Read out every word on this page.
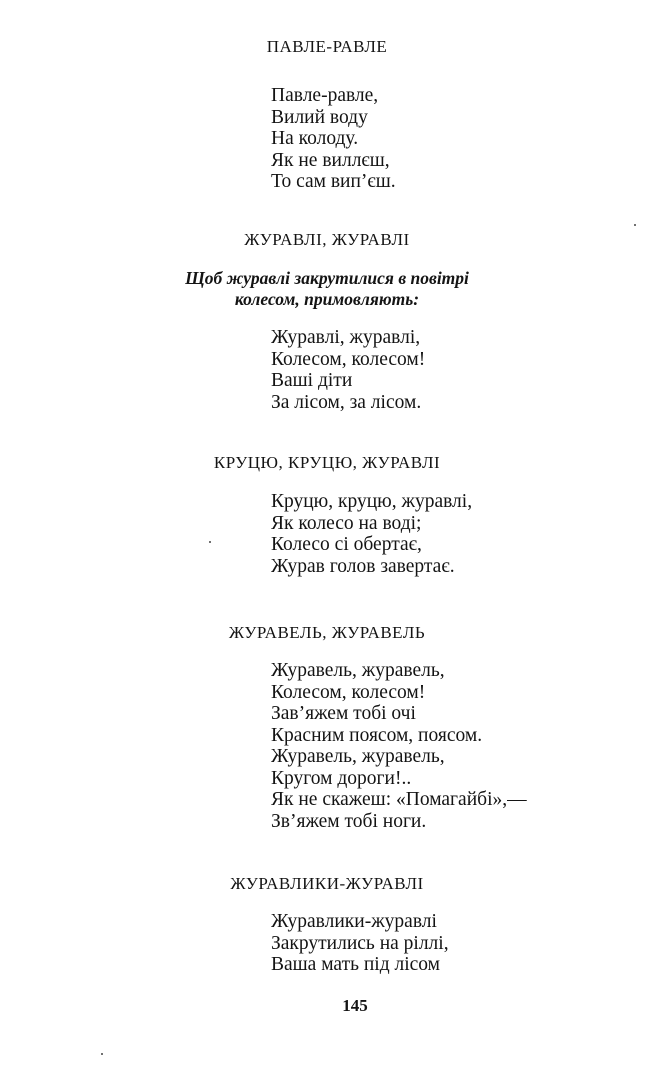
ПАВЛЕ-РАВЛЕ
Павле-равле,
Вилий воду
На колоду.
Як не виллєш,
То сам вип’єш.
ЖУРАВЛІ, ЖУРАВЛІ
Щоб журавлі закрутилися в повітрі
колесом, примовляють:
Журавлі, журавлі,
Колесом, колесом!
Ваші діти
За лісом, за лісом.
КРУЦЮ, КРУЦЮ, ЖУРАВЛІ
Круцю, круцю, журавлі,
Як колесо на воді;
Колесо сі обертає,
Журав голов завертає.
ЖУРАВЕЛЬ, ЖУРАВЕЛЬ
Журавель, журавель,
Колесом, колесом!
Зав’яжем тобі очі
Красним поясом, поясом.
Журавель, журавель,
Кругом дороги!..
Як не скажеш: «Помагайбі»,—
Зв’яжем тобі ноги.
ЖУРАВЛИКИ-ЖУРАВЛІ
Журавлики-журавлі
Закрутились на ріллі,
Ваша мать під лісом
145
